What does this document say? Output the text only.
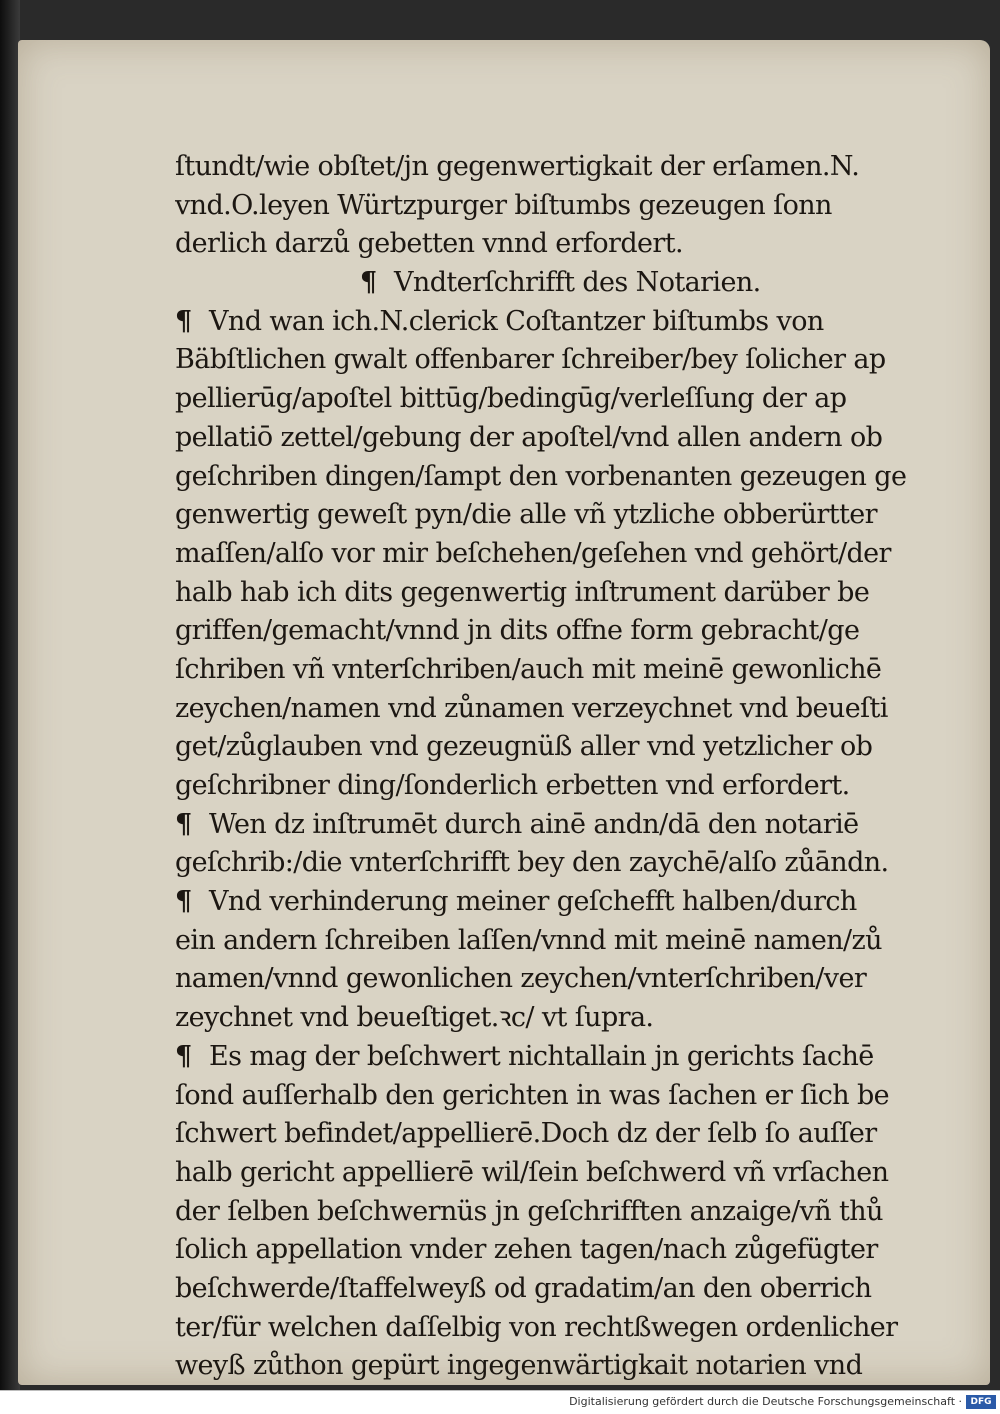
ſtundt/wie obſtet/jn gegenwertigkait der erſamen.N.
vnd.O.leyen Würtzpurger biſtumbs gezeugen ſonn
derlich darzů gebetten vnnd erfordert.
¶ Vndterſchrifft des Notarien.
¶ Vnd wan ich.N.clerick Coſtantzer biſtumbs von
Bäbſtlichen gwalt offenbarer ſchreiber/bey ſolicher ap
pellierūg/apoſtel bittūg/bedingūg/verleſſung der ap
pellatiō zettel/gebung der apoſtel/vnd allen andern ob
geſchriben dingen/ſampt den vorbenanten gezeugen ge
genwertig geweſt pyn/die alle vñ ytzliche obberürtter
maſſen/alſo vor mir beſchehen/geſehen vnd gehört/der
halb hab ich dits gegenwertig inſtrument darüber be
griffen/gemacht/vnnd jn dits offne form gebracht/ge
ſchriben vñ vnterſchriben/auch mit meinē gewonlichē
zeychen/namen vnd zůnamen verzeychnet vnd beueſti
get/zůglauben vnd gezeugnüß aller vnd yetzlicher ob
geſchribner ding/ſonderlich erbetten vnd erfordert.
¶ Wen dz inſtrumēt durch ainē andn/dā den notariē
geſchrib:/die vnterſchrifft bey den zaychē/alſo zůāndn.
¶ Vnd verhinderung meiner geſchefft halben/durch
ein andern ſchreiben laſſen/vnnd mit meinē namen/zů
namen/vnnd gewonlichen zeychen/vnterſchriben/ver
zeychnet vnd beueſtiget.ꝛc/ vt ſupra.
¶ Es mag der beſchwert nichtallain jn gerichts ſachē
ſond auſſerhalb den gerichten in was ſachen er ſich be
ſchwert befindet/appellierē.Doch dz der ſelb ſo auſſer
halb gericht appellierē wil/ſein beſchwerd vñ vrſachen
der ſelben beſchwernüs jn geſchrifften anzaige/vñ thů
ſolich appellation vnder zehen tagen/nach zůgefügter
beſchwerde/ſtaffelweyß od gradatim/an den oberrich
ter/für welchen daſſelbig von rechtßwegen ordenlicher
weyß zůthon gepürt ingegenwärtigkait notarien vnd
Digitalisierung gefördert durch die Deutsche Forschungsgemeinschaft · DFG
